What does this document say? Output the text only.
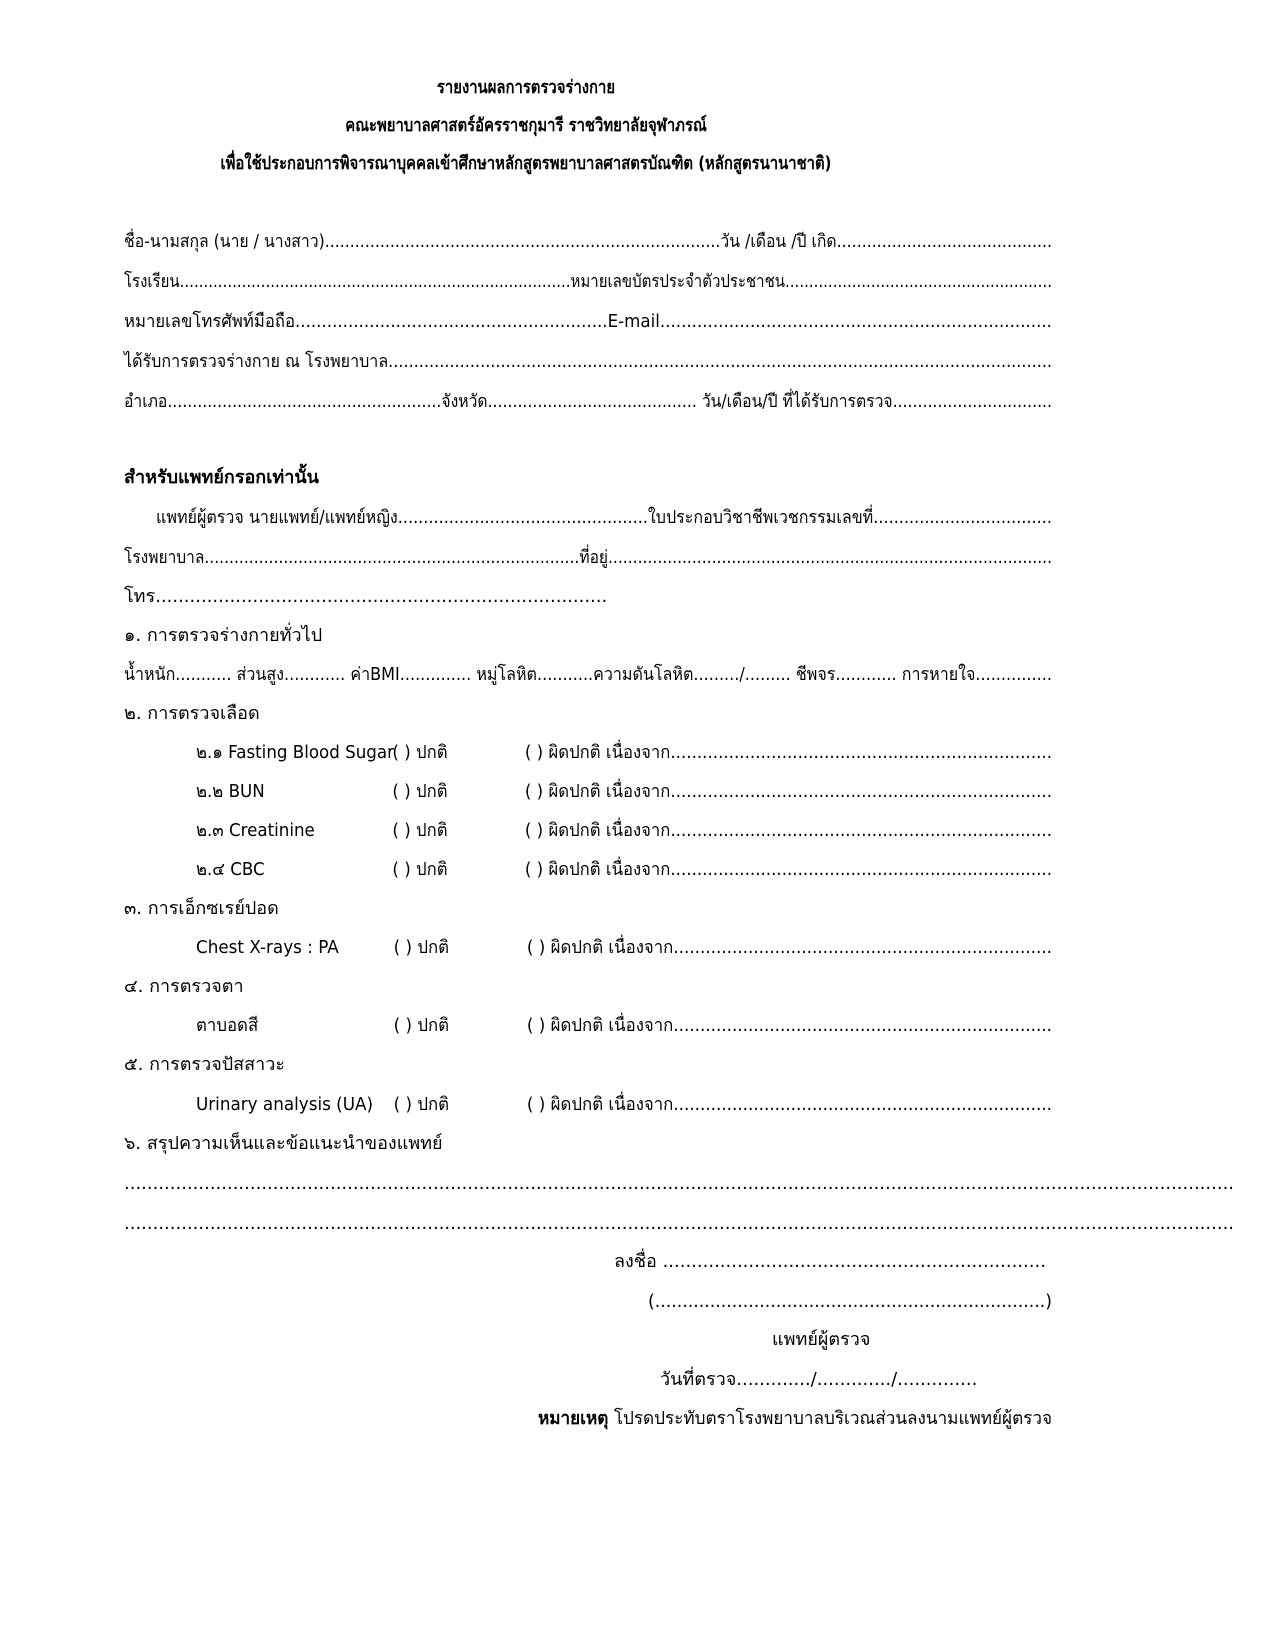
รายงานผลการตรวจร่างกาย
คณะพยาบาลศาสตร์อัครราชกุมารี ราชวิทยาลัยจุฬาภรณ์
เพื่อใช้ประกอบการพิจารณาบุคคลเข้าศึกษาหลักสูตรพยาบาลศาสตรบัณฑิต (หลักสูตรนานาชาติ)
ชื่อ-นามสกุล (นาย / นางสาว)...............................................................................วัน /เดือน /ปี เกิด...........................................
โรงเรียน..................................................................................หมายเลขบัตรประจำตัวประชาชน........................................................
หมายเลขโทรศัพท์มือถือ...........................................................E-mail..........................................................................
ได้รับการตรวจร่างกาย ณ โรงพยาบาล..................................................................................................................................
อำเภอ.......................................................จังหวัด.......................................... วัน/เดือน/ปี ที่ได้รับการตรวจ................................
สำหรับแพทย์กรอกเท่านั้น
แพทย์ผู้ตรวจ นายแพทย์/แพทย์หญิง.................................................ใบประกอบวิชาชีพเวชกรรมเลขที่...................................
โรงพยาบาล............................................................................ที่อยู่..........................................................................................
โทร...............................................................................
๑. การตรวจร่างกายทั่วไป
น้ำหนัก........... ส่วนสูง............ ค่าBMI.............. หมู่โลหิต...........ความดันโลหิต........./......... ชีพจร............ การหายใจ...............
๒. การตรวจเลือด
๒.๑ Fasting Blood Sugar( ) ปกติ	( ) ผิดปกติ เนื่องจาก........................................................................
๒.๒ BUN	( ) ปกติ	( ) ผิดปกติ เนื่องจาก........................................................................
๒.๓ Creatinine	( ) ปกติ	( ) ผิดปกติ เนื่องจาก........................................................................
๒.๔ CBC	( ) ปกติ	( ) ผิดปกติ เนื่องจาก........................................................................
๓. การเอ็กซเรย์ปอด
Chest X-rays : PA	( ) ปกติ	( ) ผิดปกติ เนื่องจาก.......................................................................
๔. การตรวจตา
ตาบอดสี	( ) ปกติ	( ) ผิดปกติ เนื่องจาก.......................................................................
๕. การตรวจปัสสาวะ
Urinary analysis (UA) ( ) ปกติ	( ) ผิดปกติ เนื่องจาก.......................................................................
๖. สรุปความเห็นและข้อแนะนำของแพทย์
..................................................................................................................................................................................................
..................................................................................................................................................................................................
ลงชื่อ ...................................................................
(.......................................................................)
แพทย์ผู้ตรวจ
วันที่ตรวจ............./............./..............
หมายเหตุ โปรดประทับตราโรงพยาบาลบริเวณส่วนลงนามแพทย์ผู้ตรวจ
